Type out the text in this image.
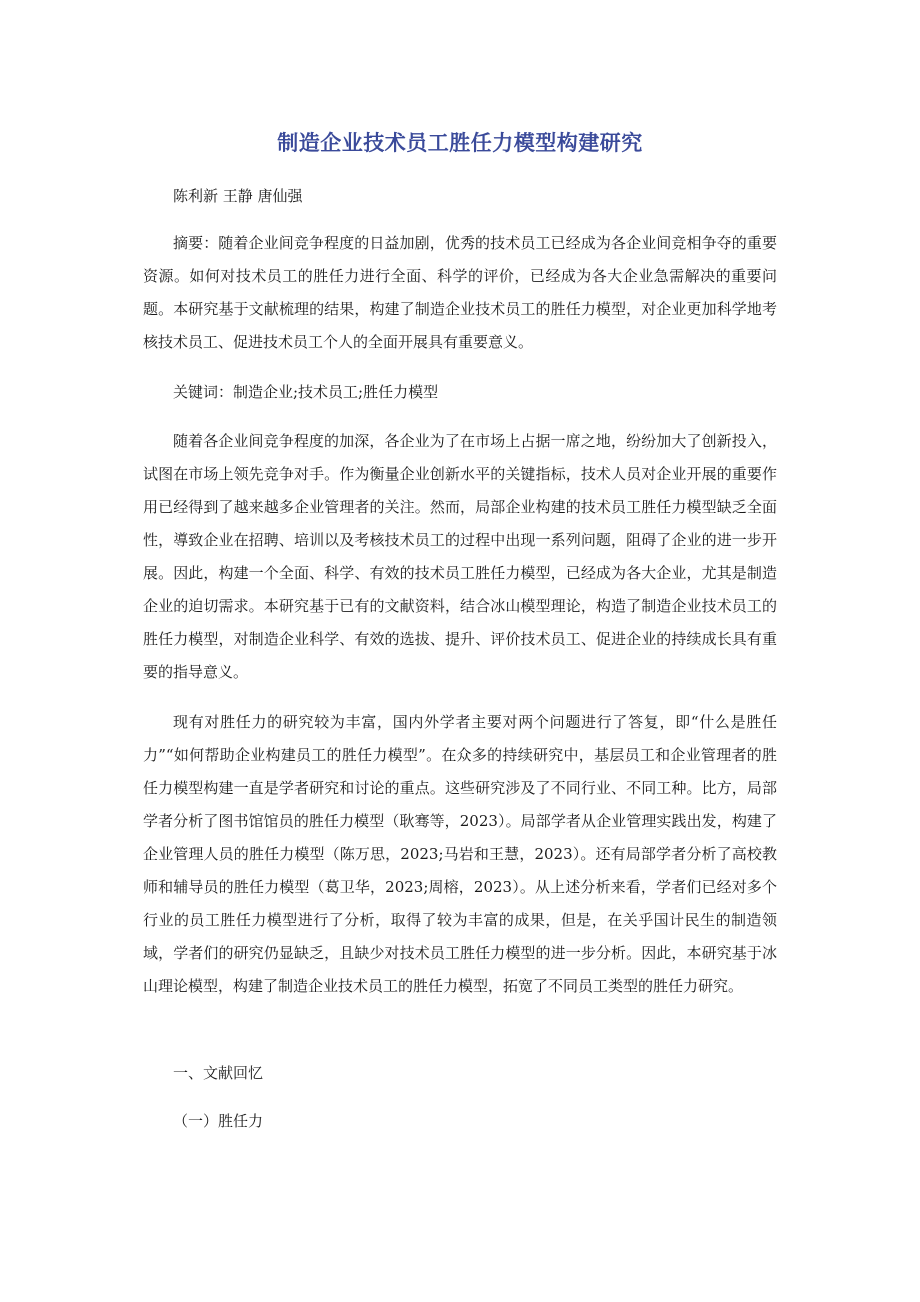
制造企业技术员工胜任力模型构建研究
陈利新 王静 唐仙强

摘要：随着企业间竞争程度的日益加剧，优秀的技术员工已经成为各企业间竞相争夺的重要资源。如何对技术员工的胜任力进行全面、科学的评价，已经成为各大企业急需解决的重要问题。本研究基于文献梳理的结果，构建了制造企业技术员工的胜任力模型，对企业更加科学地考核技术员工、促进技术员工个人的全面开展具有重要意义。

关键词：制造企业;技术员工;胜任力模型

随着各企业间竞争程度的加深，各企业为了在市场上占据一席之地，纷纷加大了创新投入，试图在市场上领先竞争对手。作为衡量企业创新水平的关键指标，技术人员对企业开展的重要作用已经得到了越来越多企业管理者的关注。然而，局部企业构建的技术员工胜任力模型缺乏全面性，導致企业在招聘、培训以及考核技术员工的过程中出现一系列问题，阻碍了企业的进一步开展。因此，构建一个全面、科学、有效的技术员工胜任力模型，已经成为各大企业，尤其是制造企业的迫切需求。本研究基于已有的文献资料，结合冰山模型理论，构造了制造企业技术员工的胜任力模型，对制造企业科学、有效的选拔、提升、评价技术员工、促进企业的持续成长具有重要的指导意义。

现有对胜任力的研究较为丰富，国内外学者主要对两个问题进行了答复，即“什么是胜任力”“如何帮助企业构建员工的胜任力模型”。在众多的持续研究中，基层员工和企业管理者的胜任力模型构建一直是学者研究和讨论的重点。这些研究涉及了不同行业、不同工种。比方，局部学者分析了图书馆馆员的胜任力模型（耿骞等，2023）。局部学者从企业管理实践出发，构建了企业管理人员的胜任力模型（陈万思，2023;马岩和王慧，2023）。还有局部学者分析了高校教师和辅导员的胜任力模型（葛卫华，2023;周榕，2023）。从上述分析来看，学者们已经对多个行业的员工胜任力模型进行了分析，取得了较为丰富的成果，但是，在关乎国计民生的制造领域，学者们的研究仍显缺乏，且缺少对技术员工胜任力模型的进一步分析。因此，本研究基于冰山理论模型，构建了制造企业技术员工的胜任力模型，拓宽了不同员工类型的胜任力研究。

一、文献回忆
（一）胜任力
